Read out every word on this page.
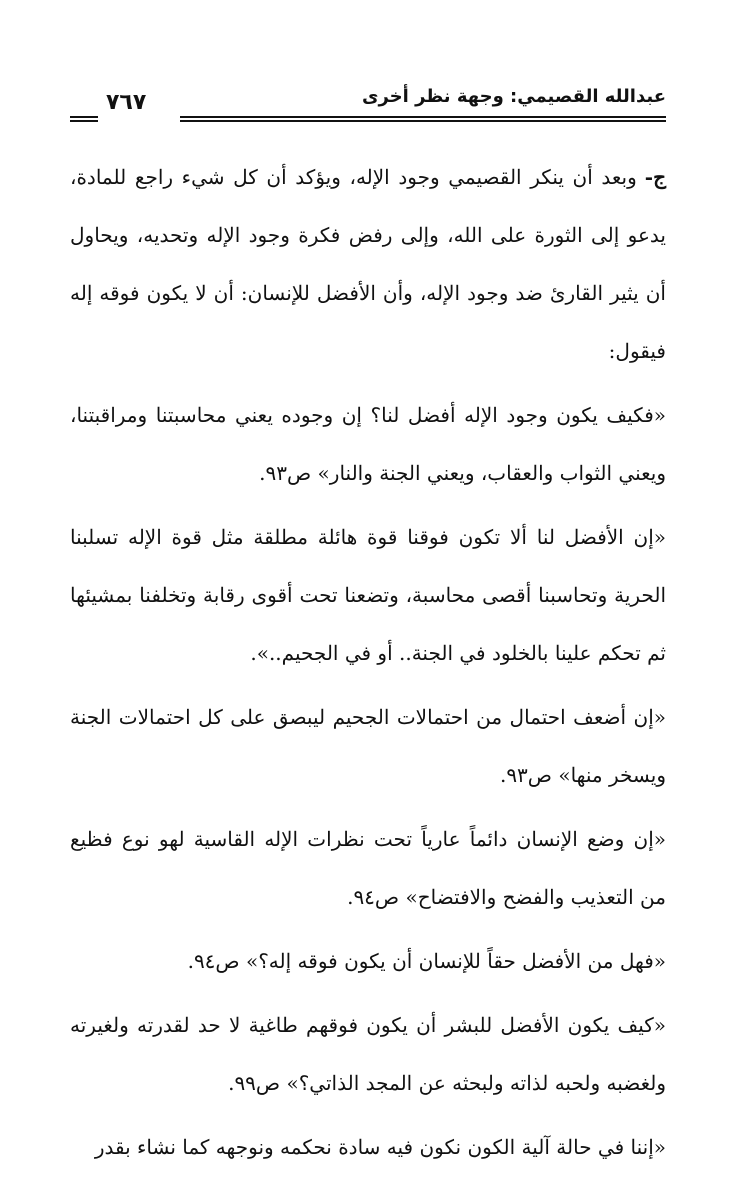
عبدالله القصيمي: وجهة نظر أخرى
٧٦٧

ج-وبعد أن ينكر القصيمي وجود الإله، ويؤكد أن كل شيء راجع للمادة، يدعو إلى الثورة على الله، وإلى رفض فكرة وجود الإله وتحديه، ويحاول أن يثير القارئ ضد وجود الإله، وأن الأفضل للإنسان: أن لا يكون فوقه إله فيقول:

«فكيف يكون وجود الإله أفضل لنا؟ إن وجوده يعني محاسبتنا ومراقبتنا، ويعني الثواب والعقاب، ويعني الجنة والنار» ص٩٣.

«إن الأفضل لنا ألا تكون فوقنا قوة هائلة مطلقة مثل قوة الإله تسلبنا الحرية وتحاسبنا أقصى محاسبة، وتضعنا تحت أقوى رقابة وتخلفنا بمشيئها ثم تحكم علينا بالخلود في الجنة.. أو في الجحيم..».

«إن أضعف احتمال من احتمالات الجحيم ليبصق على كل احتمالات الجنة ويسخر منها» ص٩٣.

«إن وضع الإنسان دائماً عارياً تحت نظرات الإله القاسية لهو نوع فظيع من التعذيب والفضح والافتضاح» ص٩٤.

«فهل من الأفضل حقاً للإنسان أن يكون فوقه إله؟» ص٩٤.

«كيف يكون الأفضل للبشر أن يكون فوقهم طاغية لا حد لقدرته ولغيرته ولغضبه ولحبه لذاته ولبحثه عن المجد الذاتي؟» ص٩٩.

«إننا في حالة آلية الكون نكون فيه سادة نحكمه ونوجهه كما نشاء بقدر
